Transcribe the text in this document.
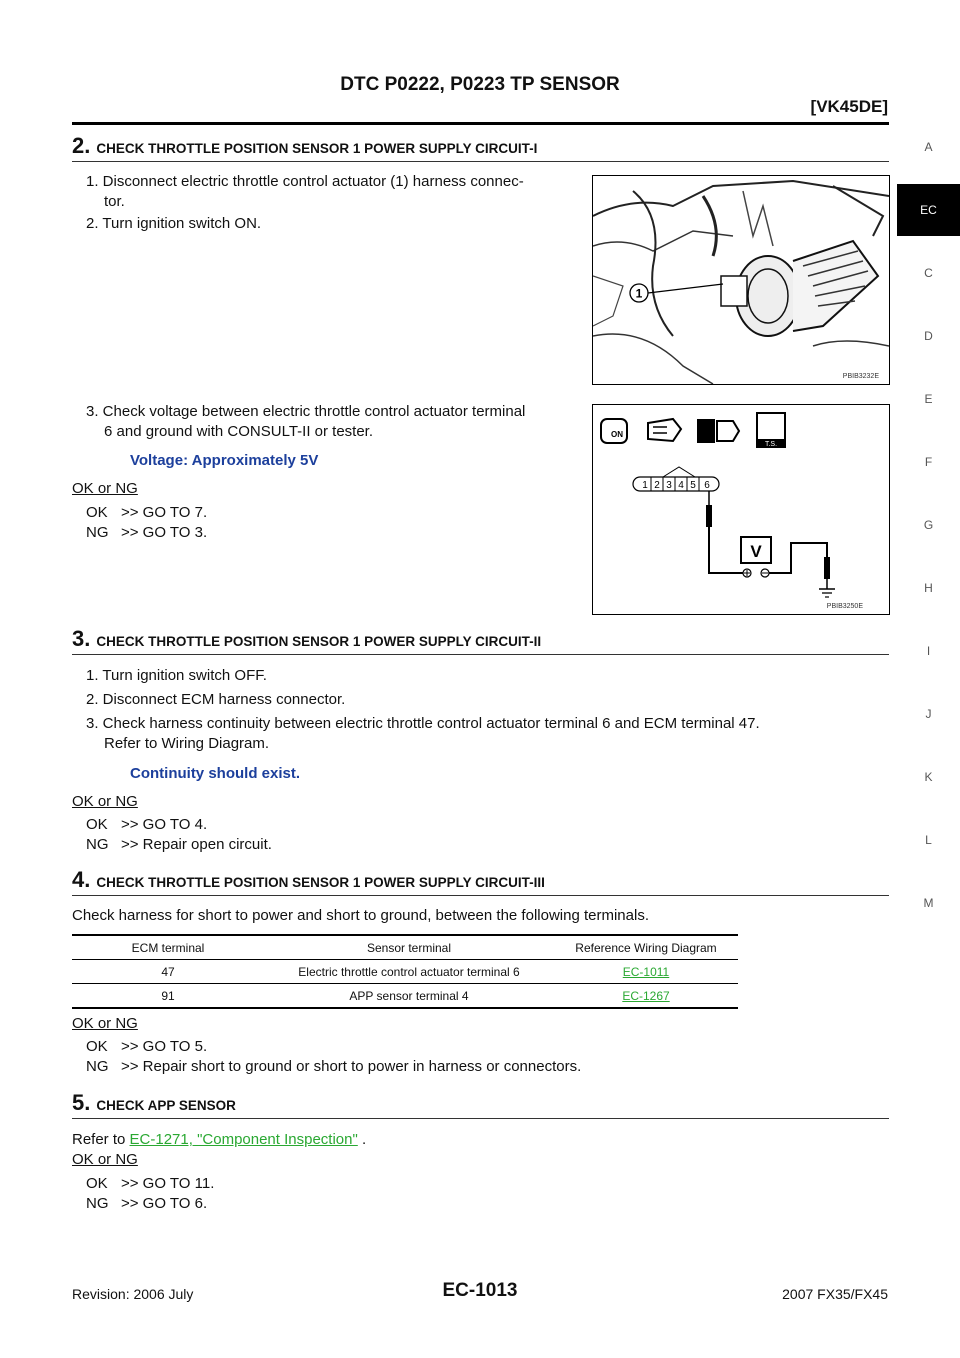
DTC P0222, P0223 TP SENSOR
[VK45DE]
A
EC
C
D
E
F
G
H
I
J
K
L
M
2. CHECK THROTTLE POSITION SENSOR 1 POWER SUPPLY CIRCUIT-I
1. Disconnect electric throttle control actuator (1) harness connec-
tor.
2. Turn ignition switch ON.
3. Check voltage between electric throttle control actuator terminal
6 and ground with CONSULT-II or tester.
Voltage: Approximately 5V
OK or NG
OK >> GO TO 7.
NG >> GO TO 3.
1
PBIB3232E
ON
T.S.
1 2 3 4 5 6
V
PBIB3250E
3. CHECK THROTTLE POSITION SENSOR 1 POWER SUPPLY CIRCUIT-II
1. Turn ignition switch OFF.
2. Disconnect ECM harness connector.
3. Check harness continuity between electric throttle control actuator terminal 6 and ECM terminal 47.
Refer to Wiring Diagram.
Continuity should exist.
OK or NG
OK >> GO TO 4.
NG >> Repair open circuit.
4. CHECK THROTTLE POSITION SENSOR 1 POWER SUPPLY CIRCUIT-III
Check harness for short to power and short to ground, between the following terminals.
ECM terminal	Sensor terminal	Reference Wiring Diagram
47	Electric throttle control actuator terminal 6	EC-1011
91	APP sensor terminal 4	EC-1267
OK or NG
OK >> GO TO 5.
NG >> Repair short to ground or short to power in harness or connectors.
5. CHECK APP SENSOR
Refer to EC-1271, "Component Inspection" .
OK or NG
OK >> GO TO 11.
NG >> GO TO 6.
Revision: 2006 July	EC-1013	2007 FX35/FX45
